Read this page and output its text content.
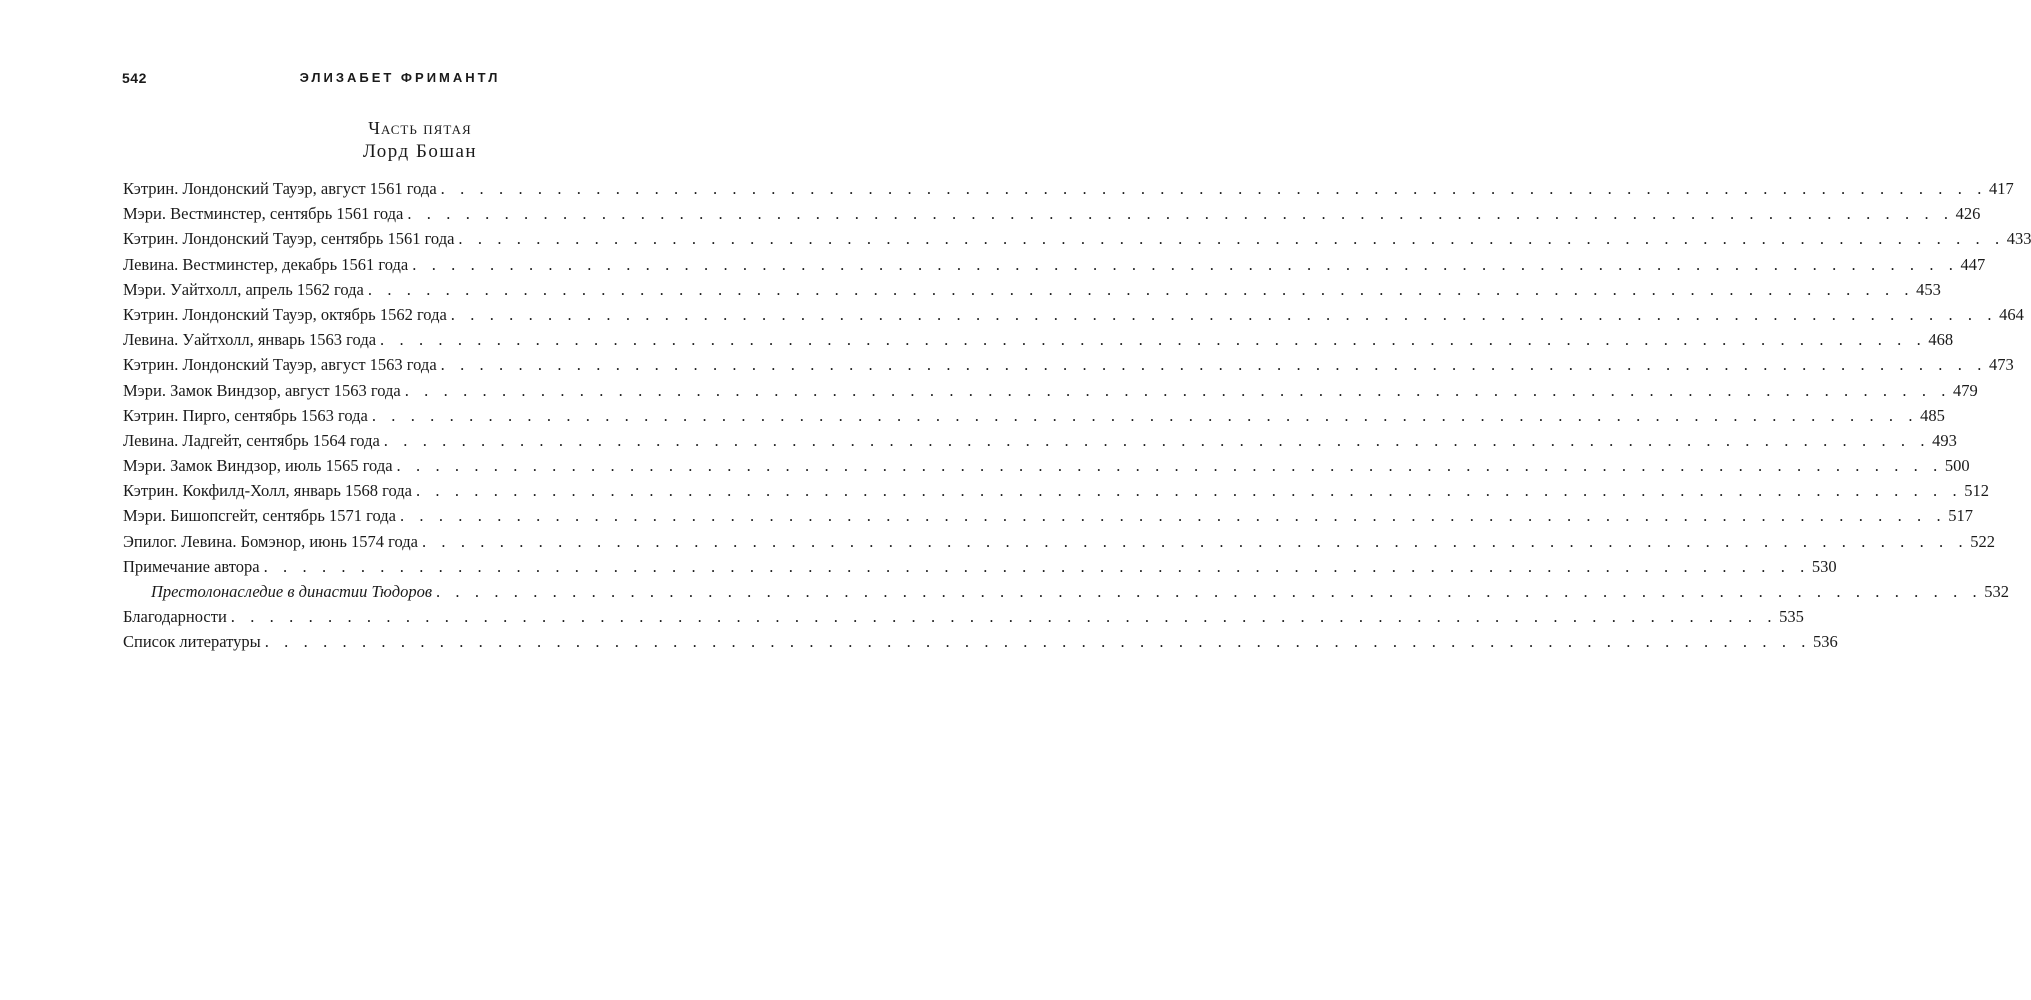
542	ЭЛИЗАБЕТ ФРИМАНТЛ
Часть пятая
Лорд Бошан
Кэтрин. Лондонский Тауэр, август 1561 года . . . . . . . . . . . . . . . . . . . . . . . . . . . . . . . . . . . . . . . . . . . . . . . . . . . . . . . . . . . . . . . . . . . . . . . . . . . . . . . . 417
Мэри. Вестминстер, сентябрь 1561 года . . . . . . . . . . . . . . . . . . . . . . . . . . . . . . . . . . . . . . . . . . . . . . . . . . . . . . . . . . . . . . . . . . . . . . . . . . . . . . . . 426
Кэтрин. Лондонский Тауэр, сентябрь 1561 года . . . . . . . . . . . . . . . . . . . . . . . . . . . . . . . . . . . . . . . . . . . . . . . . . . . . . . . . . . . . . . . . . . . . . . . . . . . . . . . . 433
Левина. Вестминстер, декабрь 1561 года . . . . . . . . . . . . . . . . . . . . . . . . . . . . . . . . . . . . . . . . . . . . . . . . . . . . . . . . . . . . . . . . . . . . . . . . . . . . . . . . 447
Мэри. Уайтхолл, апрель 1562 года . . . . . . . . . . . . . . . . . . . . . . . . . . . . . . . . . . . . . . . . . . . . . . . . . . . . . . . . . . . . . . . . . . . . . . . . . . . . . . . . 453
Кэтрин. Лондонский Тауэр, октябрь 1562 года . . . . . . . . . . . . . . . . . . . . . . . . . . . . . . . . . . . . . . . . . . . . . . . . . . . . . . . . . . . . . . . . . . . . . . . . . . . . . . . . 464
Левина. Уайтхолл, январь 1563 года . . . . . . . . . . . . . . . . . . . . . . . . . . . . . . . . . . . . . . . . . . . . . . . . . . . . . . . . . . . . . . . . . . . . . . . . . . . . . . . . 468
Кэтрин. Лондонский Тауэр, август 1563 года . . . . . . . . . . . . . . . . . . . . . . . . . . . . . . . . . . . . . . . . . . . . . . . . . . . . . . . . . . . . . . . . . . . . . . . . . . . . . . . . 473
Мэри. Замок Виндзор, август 1563 года . . . . . . . . . . . . . . . . . . . . . . . . . . . . . . . . . . . . . . . . . . . . . . . . . . . . . . . . . . . . . . . . . . . . . . . . . . . . . . . . 479
Кэтрин. Пирго, сентябрь 1563 года . . . . . . . . . . . . . . . . . . . . . . . . . . . . . . . . . . . . . . . . . . . . . . . . . . . . . . . . . . . . . . . . . . . . . . . . . . . . . . . . 485
Левина. Ладгейт, сентябрь 1564 года . . . . . . . . . . . . . . . . . . . . . . . . . . . . . . . . . . . . . . . . . . . . . . . . . . . . . . . . . . . . . . . . . . . . . . . . . . . . . . . . 493
Мэри. Замок Виндзор, июль 1565 года . . . . . . . . . . . . . . . . . . . . . . . . . . . . . . . . . . . . . . . . . . . . . . . . . . . . . . . . . . . . . . . . . . . . . . . . . . . . . . . . 500
Кэтрин. Кокфилд-Холл, январь 1568 года . . . . . . . . . . . . . . . . . . . . . . . . . . . . . . . . . . . . . . . . . . . . . . . . . . . . . . . . . . . . . . . . . . . . . . . . . . . . . . . . 512
Мэри. Бишопсгейт, сентябрь 1571 года . . . . . . . . . . . . . . . . . . . . . . . . . . . . . . . . . . . . . . . . . . . . . . . . . . . . . . . . . . . . . . . . . . . . . . . . . . . . . . . . 517
Эпилог. Левина. Бомэнор, июнь 1574 года . . . . . . . . . . . . . . . . . . . . . . . . . . . . . . . . . . . . . . . . . . . . . . . . . . . . . . . . . . . . . . . . . . . . . . . . . . . . . . . . 522
Примечание автора . . . . . . . . . . . . . . . . . . . . . . . . . . . . . . . . . . . . . . . . . . . . . . . . . . . . . . . . . . . . . . . . . . . . . . . . . . . . . . . . 530
Престолонаследие в династии Тюдоров . . . . . . . . . . . . . . . . . . . . . . . . . . . . . . . . . . . . . . . . . . . . . . . . . . . . . . . . . . . . . . . . . . . . . . . . . . . . . . . . 532
Благодарности . . . . . . . . . . . . . . . . . . . . . . . . . . . . . . . . . . . . . . . . . . . . . . . . . . . . . . . . . . . . . . . . . . . . . . . . . . . . . . . . 535
Список литературы . . . . . . . . . . . . . . . . . . . . . . . . . . . . . . . . . . . . . . . . . . . . . . . . . . . . . . . . . . . . . . . . . . . . . . . . . . . . . . . . 536
